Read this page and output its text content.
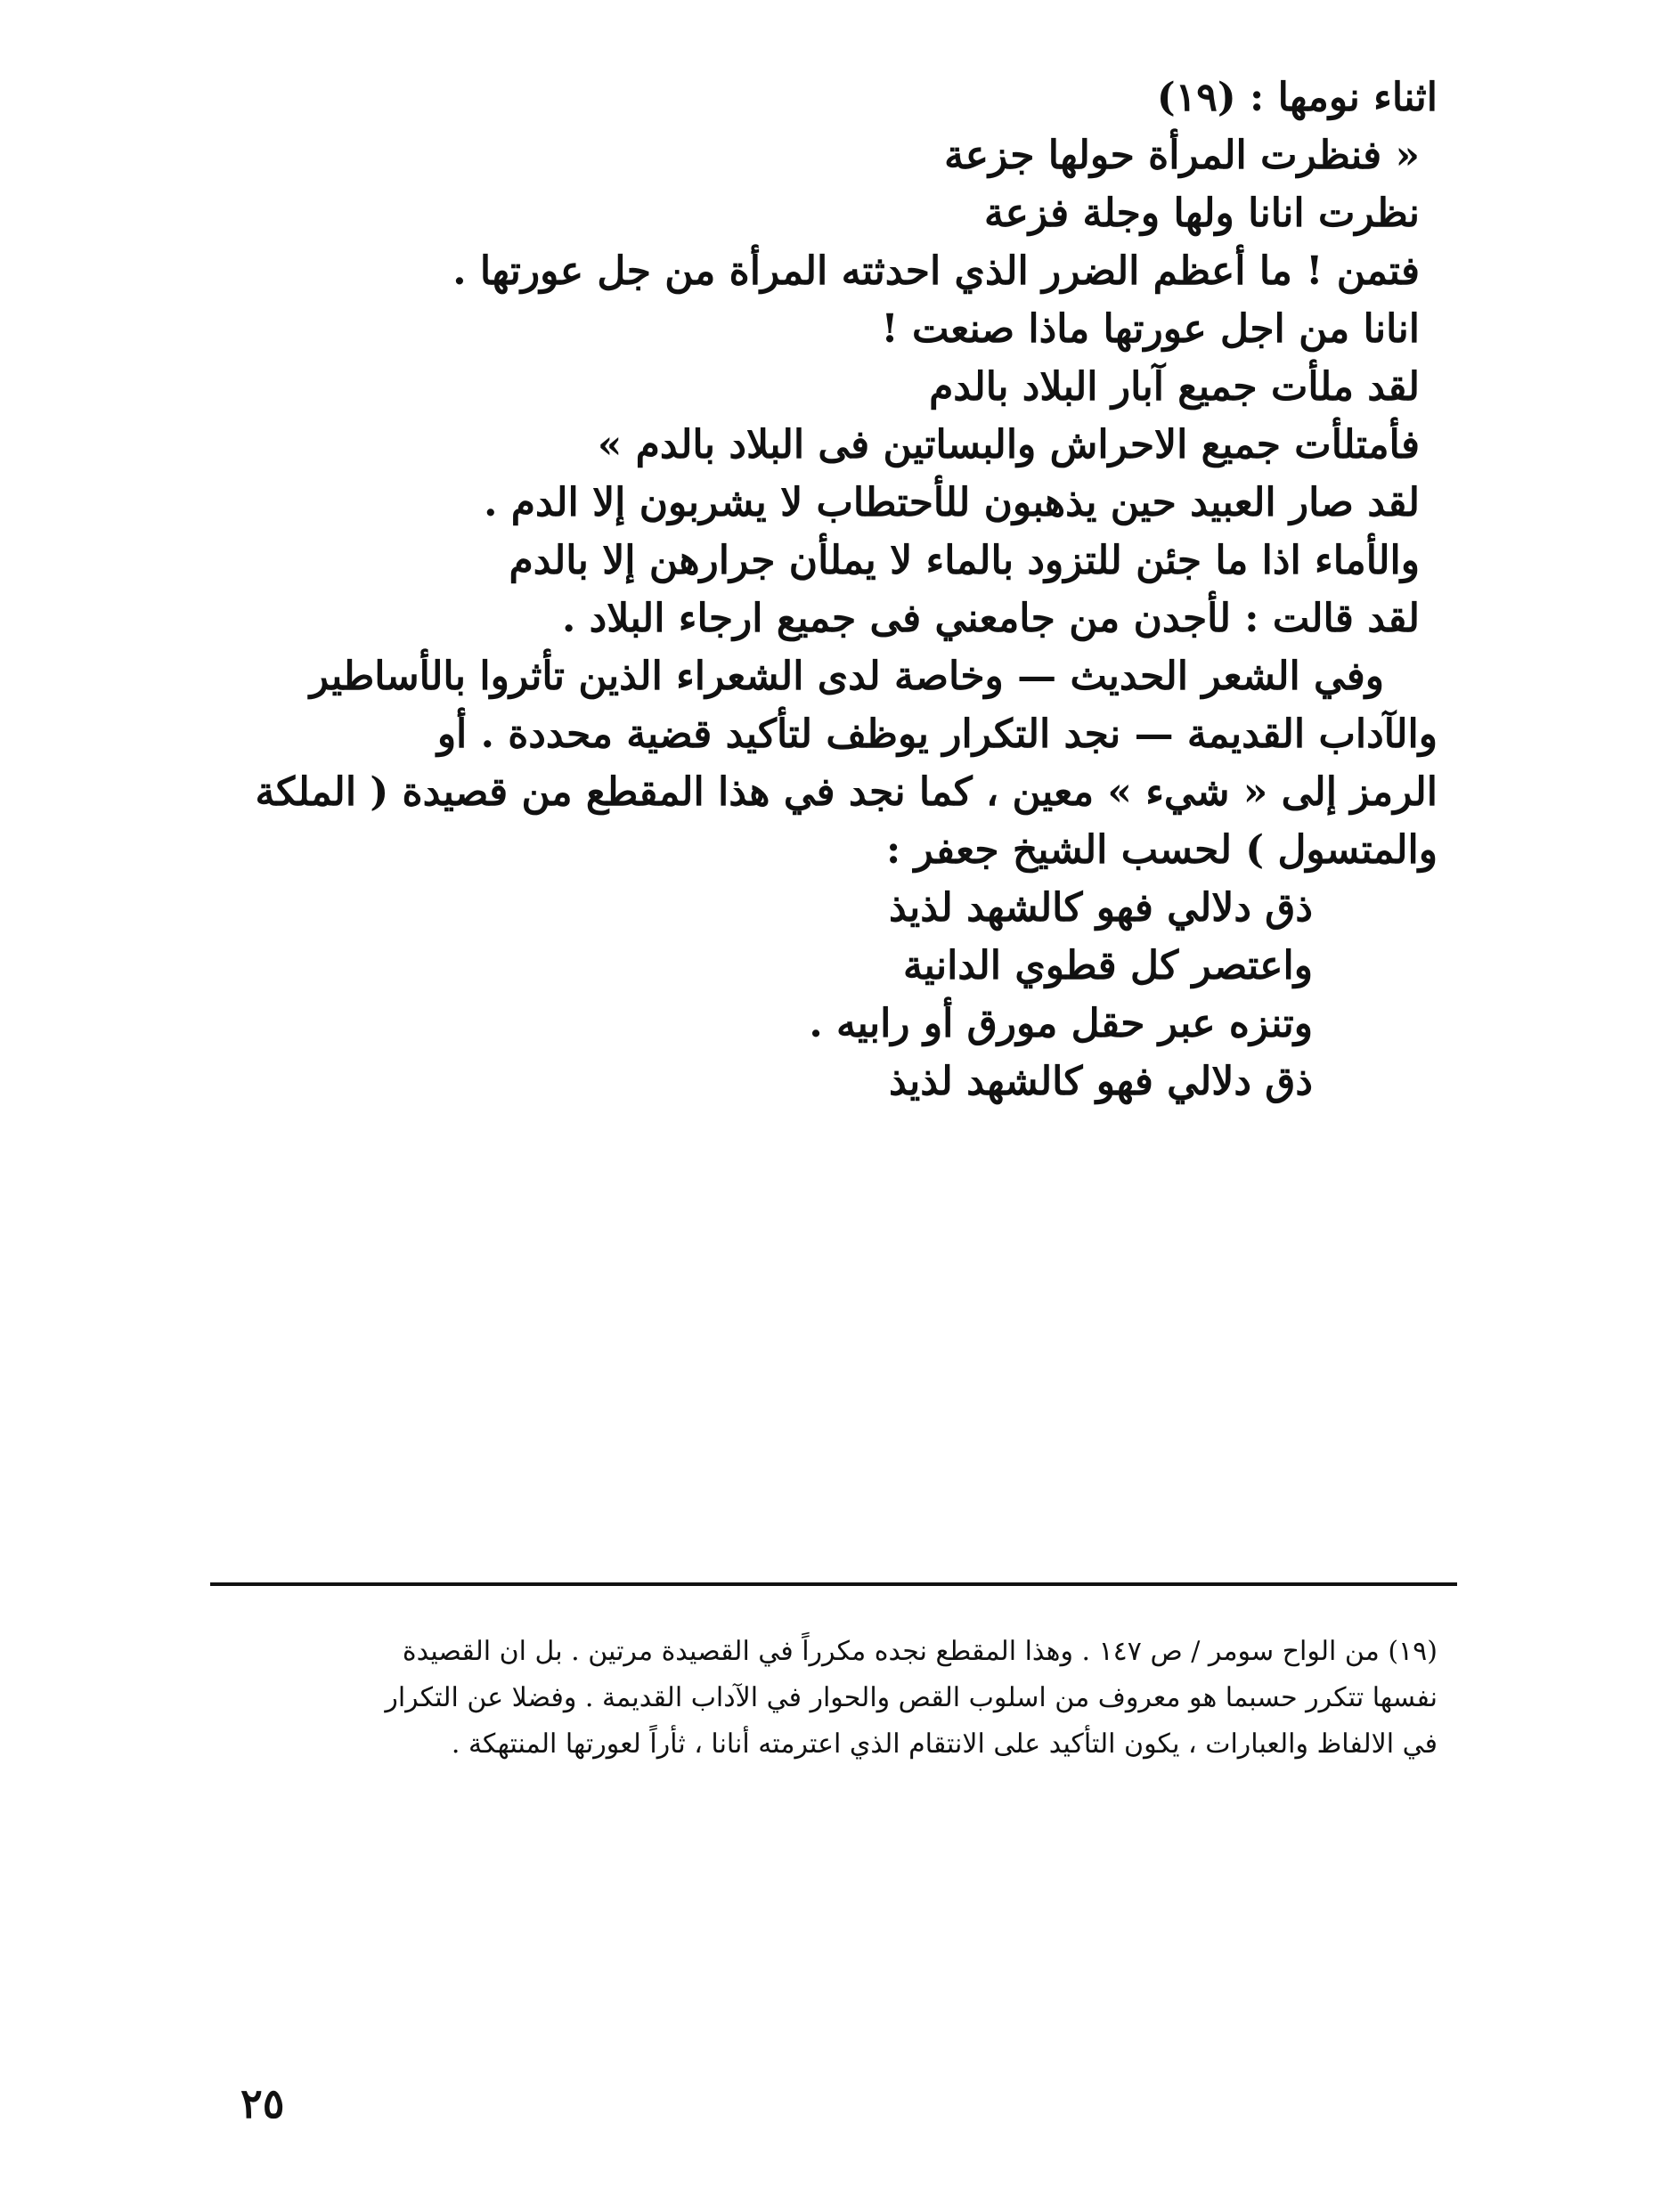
اثناء نومها : (١٩)
« فنظرت المرأة حولها جزعة
نظرت انانا ولها وجلة فزعة
فتمن ! ما أعظم الضرر الذي احدثته المرأة من جل عورتها .
انانا من اجل عورتها ماذا صنعت !
لقد ملأت جميع آبار البلاد بالدم
فأمتلأت جميع الاحراش والبساتين فى البلاد بالدم »
لقد صار العبيد حين يذهبون للأحتطاب لا يشربون إلا الدم .
والأماء اذا ما جئن للتزود بالماء لا يملأن جرارهن إلا بالدم
لقد قالت : لأجدن من جامعني فى جميع ارجاء البلاد .
وفي الشعر الحديث — وخاصة لدى الشعراء الذين تأثروا بالأساطير
والآداب القديمة — نجد التكرار يوظف لتأكيد قضية محددة . أو
الرمز إلى « شيء » معين ، كما نجد في هذا المقطع من قصيدة ( الملكة
والمتسول ) لحسب الشيخ جعفر :
ذق دلالي فهو كالشهد لذيذ
واعتصر كل قطوي الدانية
وتنزه عبر حقل مورق أو رابيه .
ذق دلالي فهو كالشهد لذيذ
(١٩) من الواح سومر / ص ١٤٧ . وهذا المقطع نجده مكرراً في القصيدة مرتين . بل ان القصيدة
نفسها تتكرر حسبما هو معروف من اسلوب القص والحوار في الآداب القديمة . وفضلا عن التكرار
في الالفاظ والعبارات ، يكون التأكيد على الانتقام الذي اعترمته أنانا ، ثأراً لعورتها المنتهكة .
٢٥
